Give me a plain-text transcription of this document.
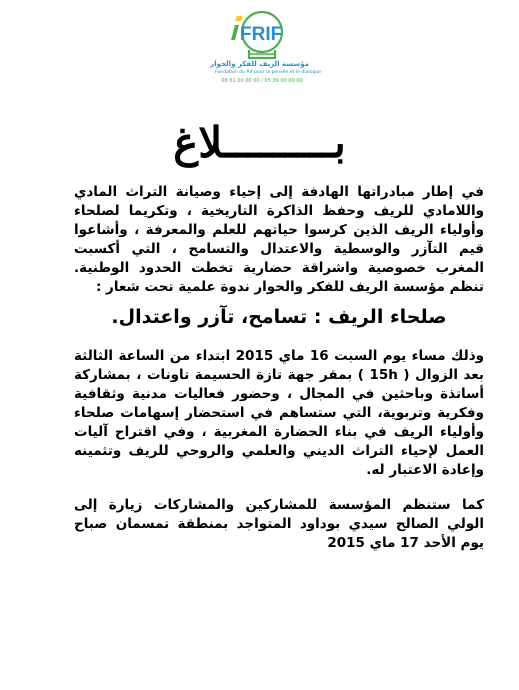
FRIF
مؤسسة الريف للفكر والحوار
Fondation du Rif pour la pensée et le dialogue
06 61 00 00 00 / 05 39 00 00 00
بـــــــــلاغ

في إطار مبادراتها الهادفة إلى إحياء وصيانة التراث المادي واللامادي للريف وحفظ الذاكرة التاريخية ، وتكريما لصلحاء وأولياء الريف الذين كرسوا حياتهم للعلم والمعرفة ، وأشاعوا قيم التآزر والوسطية والاعتدال والتسامح ، التي أكسبت المغرب خصوصية واشراقة حضارية تخطت الحدود الوطنية. تنظم مؤسسة الريف للفكر والحوار ندوة علمية تحت شعار :

صلحاء الريف : تسامح، تآزر واعتدال.

وذلك مساء يوم السبت 16 ماي 2015 ابتداء من الساعة الثالثة بعد الزوال ( 15h ) بمقر جهة تازة الحسيمة تاونات ، بمشاركة أساتذة وباحثين في المجال ، وحضور فعاليات مدنية وثقافية وفكرية وتربوية، التي ستساهم في استحضار إسهامات صلحاء وأولياء الريف في بناء الحضارة المغربية ، وفي اقتراح آليات العمل لإحياء التراث الديني والعلمي والروحي للريف وتثمينه وإعادة الاعتبار له.

كما ستنظم المؤسسة للمشاركين والمشاركات زيارة إلى الولي الصالح سيدي بوداود المتواجد بمنطقة تمسمان صباح يوم الأحد 17 ماي 2015
